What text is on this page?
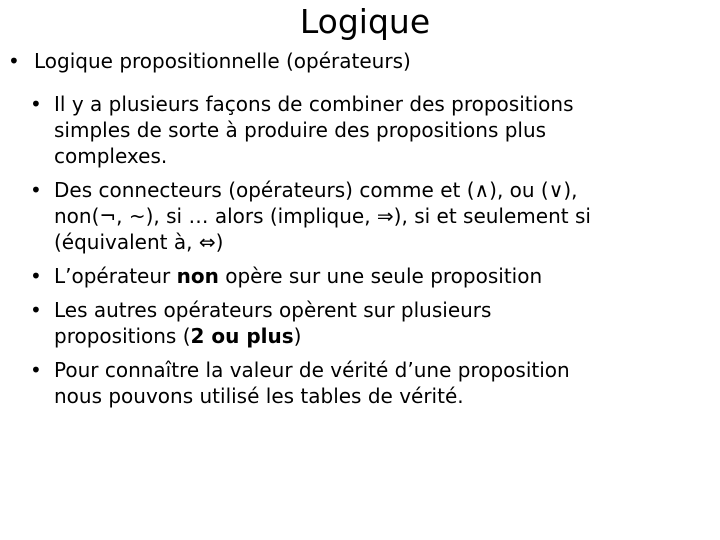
Logique
• Logique propositionnelle (opérateurs)
• Il y a plusieurs façons de combiner des propositions
simples de sorte à produire des propositions plus
complexes.
• Des connecteurs (opérateurs) comme et (∧), ou (∨),
non(¬, ~), si … alors (implique, ⇒), si et seulement si
(équivalent à, ⇔)
• L’opérateur non opère sur une seule proposition
• Les autres opérateurs opèrent sur plusieurs
propositions (2 ou plus)
• Pour connaître la valeur de vérité d’une proposition
nous pouvons utilisé les tables de vérité.
